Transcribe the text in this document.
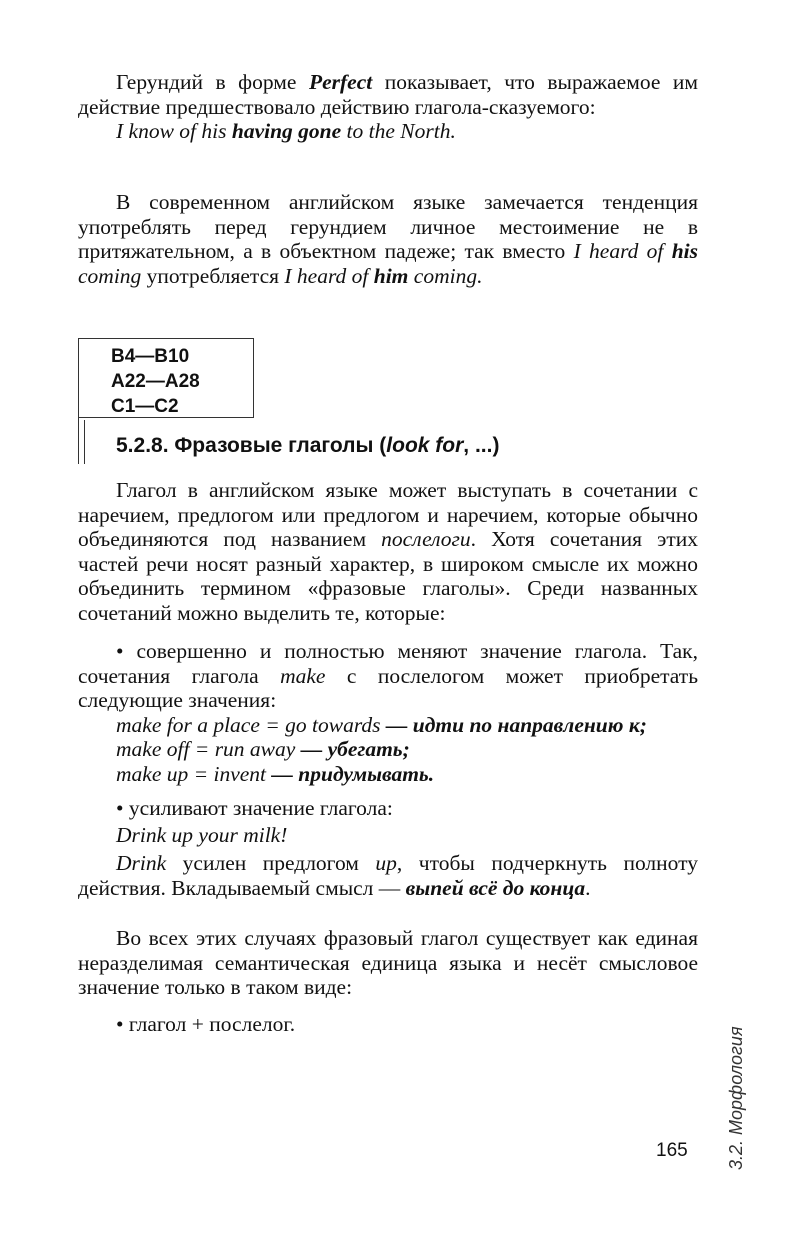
Герундий в форме Perfect показывает, что выражаемое им действие предшествовало действию глагола-сказуемого:

I know of his having gone to the North.

В современном английском языке замечается тенденция употреблять перед герундием личное местоимение не в притяжательном, а в объектном падеже; так вместо I heard of his coming употребляется I heard of him coming.

B4—B10
A22—A28
C1—C2
5.2.8. Фразовые глаголы (look for, ...)

Глагол в английском языке может выступать в сочетании с наречием, предлогом или предлогом и наречием, которые обычно объединяются под названием послелоги. Хотя сочетания этих частей речи носят разный характер, в широком смысле их можно объединить термином «фразовые глаголы». Среди названных сочетаний можно выделить те, которые:

• совершенно и полностью меняют значение глагола. Так, сочетания глагола make с послелогом может приобретать следующие значения:

make for a place = go towards — идти по направлению к;
make off = run away — убегать;
make up = invent — придумывать.

• усиливают значение глагола:

Drink up your milk!

Drink усилен предлогом up, чтобы подчеркнуть полноту действия. Вкладываемый смысл — выпей всё до конца.

Во всех этих случаях фразовый глагол существует как единая неразделимая семантическая единица языка и несёт смысловое значение только в таком виде:

• глагол + послелог.

3.2. Морфология
165
